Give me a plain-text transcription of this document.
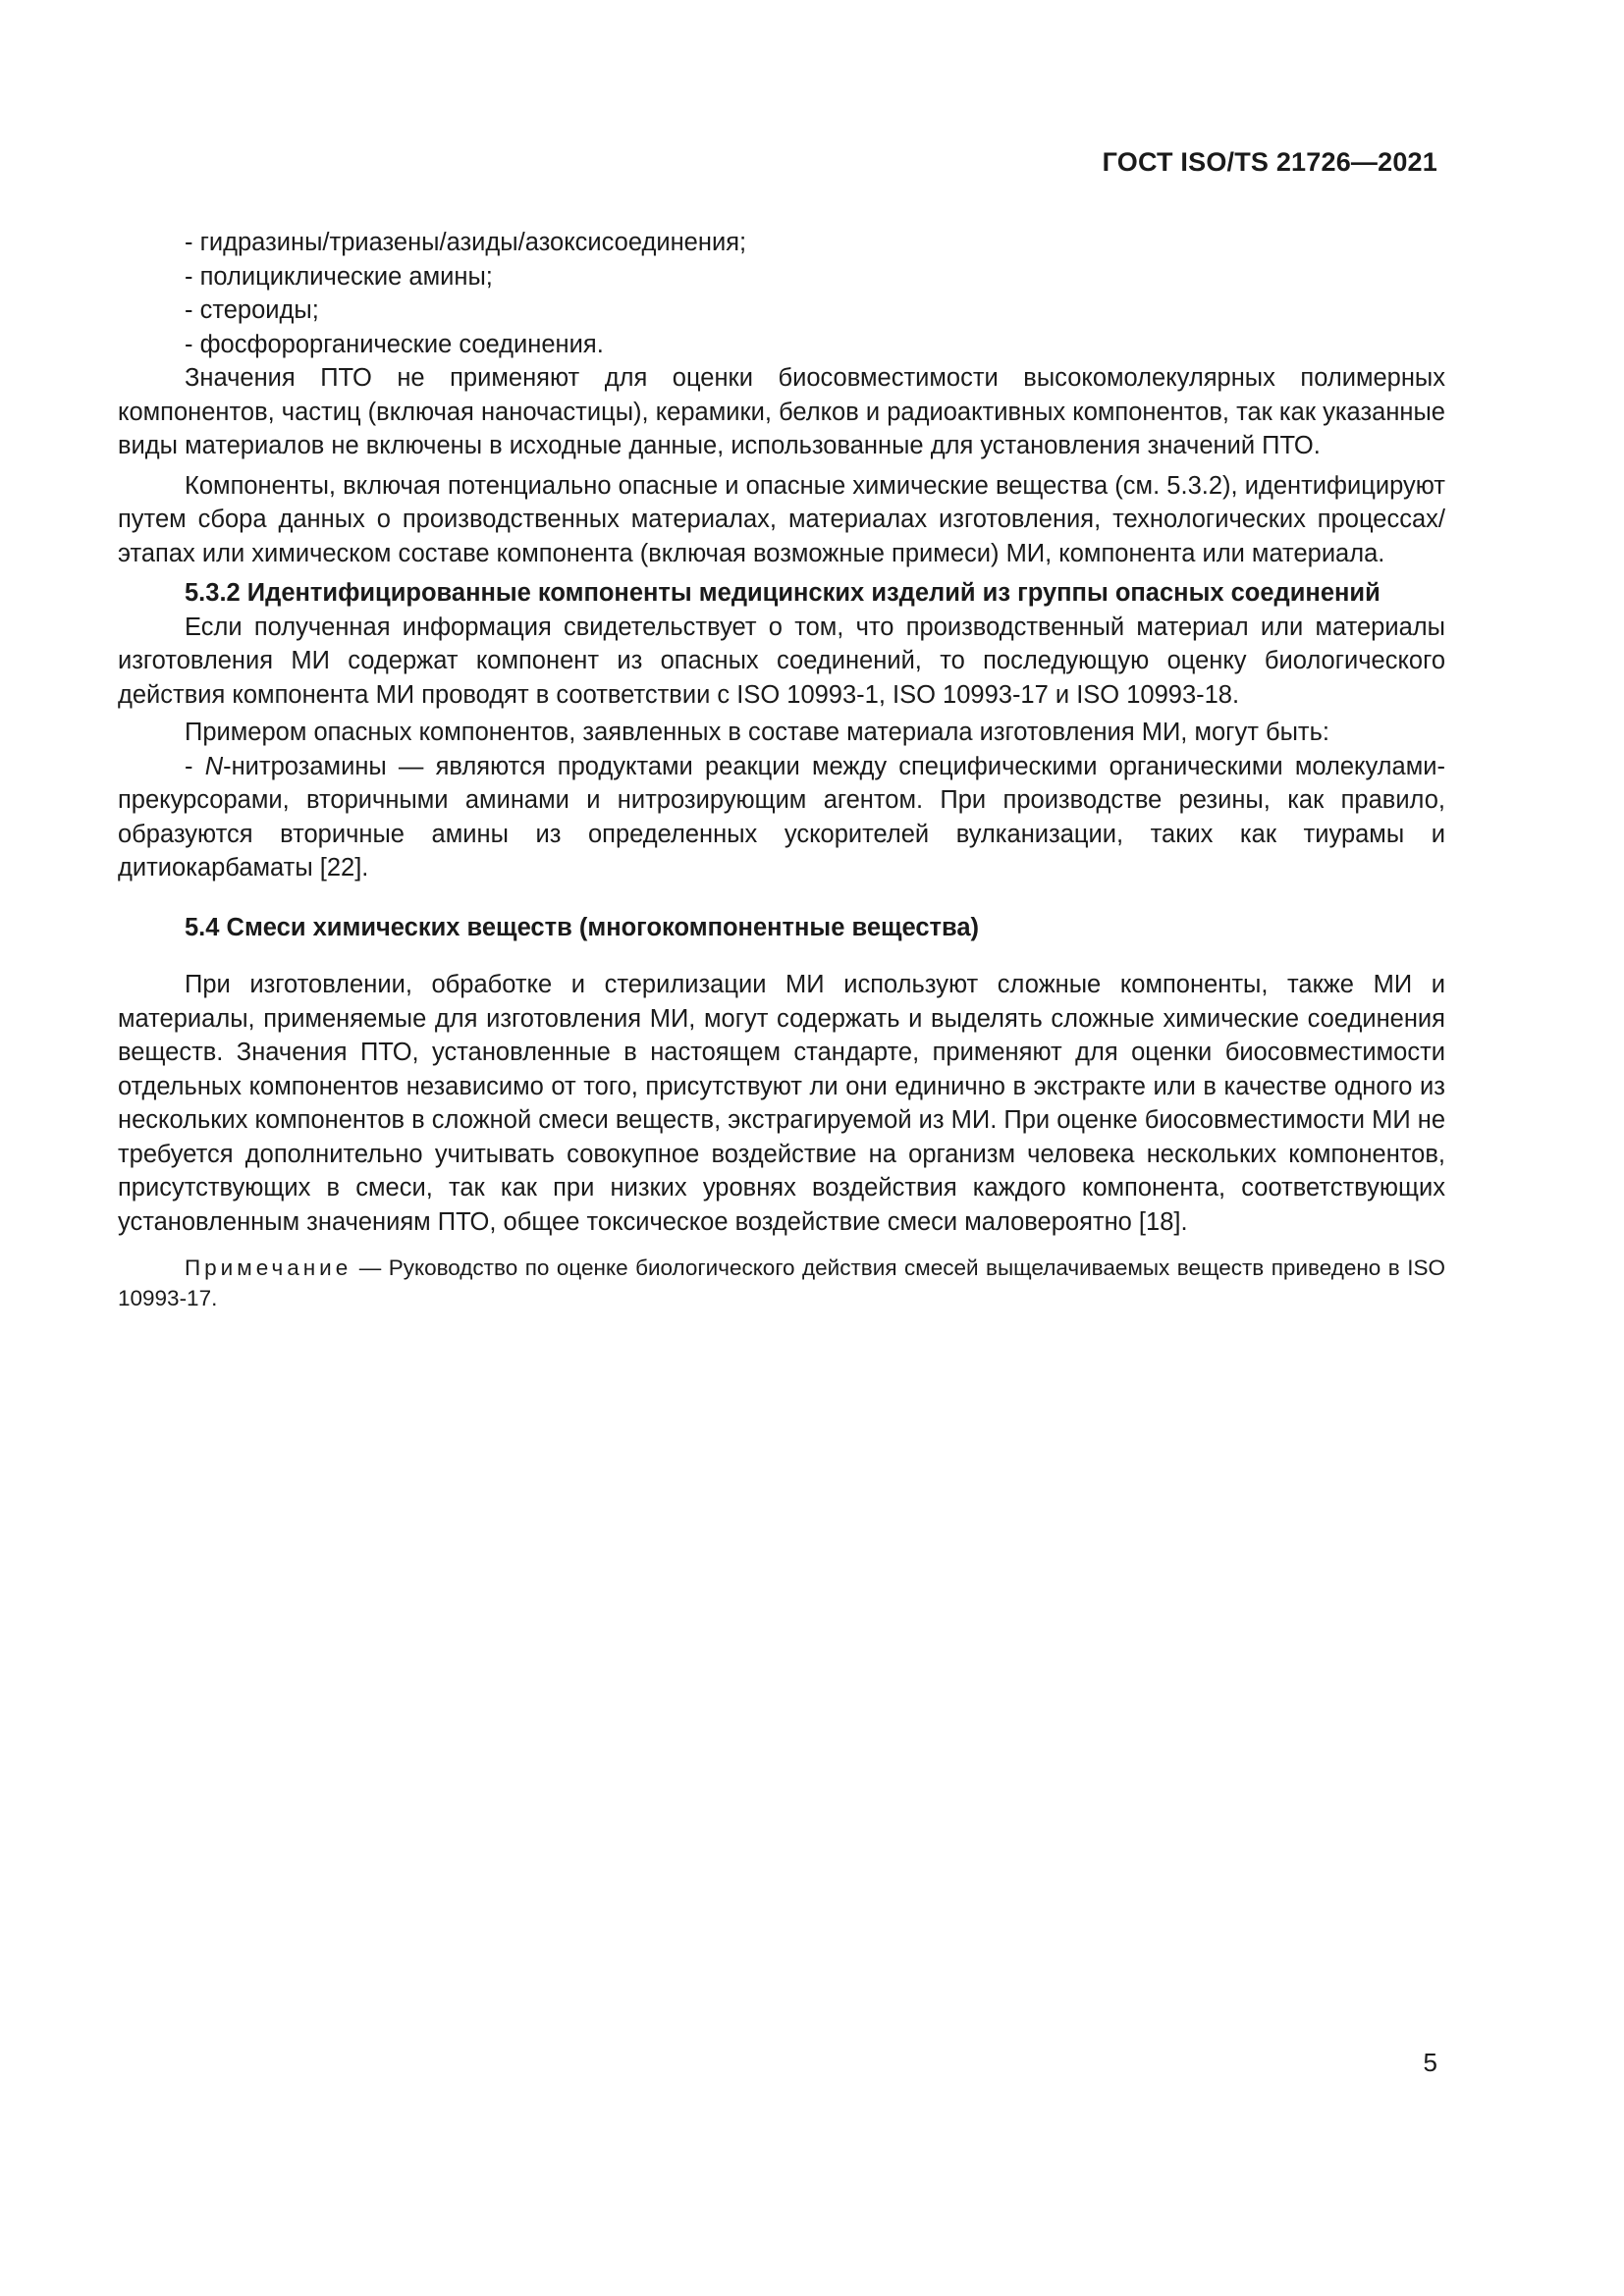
ГОСТ ISO/TS 21726—2021
- гидразины/триазены/азиды/азоксисоединения;
- полициклические амины;
- стероиды;
- фосфорорганические соединения.

Значения ПТО не применяют для оценки биосовместимости высокомолекулярных полимерных компонентов, частиц (включая наночастицы), керамики, белков и радиоактивных компонентов, так как указанные виды материалов не включены в исходные данные, использованные для установления значений ПТО.

Компоненты, включая потенциально опасные и опасные химические вещества (см. 5.3.2), идентифицируют путем сбора данных о производственных материалах, материалах изготовления, технологических процессах/этапах или химическом составе компонента (включая возможные примеси) МИ, компонента или материала.

5.3.2 Идентифицированные компоненты медицинских изделий из группы опасных соединений

Если полученная информация свидетельствует о том, что производственный материал или материалы изготовления МИ содержат компонент из опасных соединений, то последующую оценку биологического действия компонента МИ проводят в соответствии с ISO 10993-1, ISO 10993-17 и ISO 10993-18.

Примером опасных компонентов, заявленных в составе материала изготовления МИ, могут быть:

- N-нитрозамины — являются продуктами реакции между специфическими органическими молекулами-прекурсорами, вторичными аминами и нитрозирующим агентом. При производстве резины, как правило, образуются вторичные амины из определенных ускорителей вулканизации, таких как тиурамы и дитиокарбаматы [22].

5.4 Смеси химических веществ (многокомпонентные вещества)

При изготовлении, обработке и стерилизации МИ используют сложные компоненты, также МИ и материалы, применяемые для изготовления МИ, могут содержать и выделять сложные химические соединения веществ. Значения ПТО, установленные в настоящем стандарте, применяют для оценки биосовместимости отдельных компонентов независимо от того, присутствуют ли они единично в экстракте или в качестве одного из нескольких компонентов в сложной смеси веществ, экстрагируемой из МИ. При оценке биосовместимости МИ не требуется дополнительно учитывать совокупное воздействие на организм человека нескольких компонентов, присутствующих в смеси, так как при низких уровнях воздействия каждого компонента, соответствующих установленным значениям ПТО, общее токсическое воздействие смеси маловероятно [18].

Примечание — Руководство по оценке биологического действия смесей выщелачиваемых веществ приведено в ISO 10993-17.

5
